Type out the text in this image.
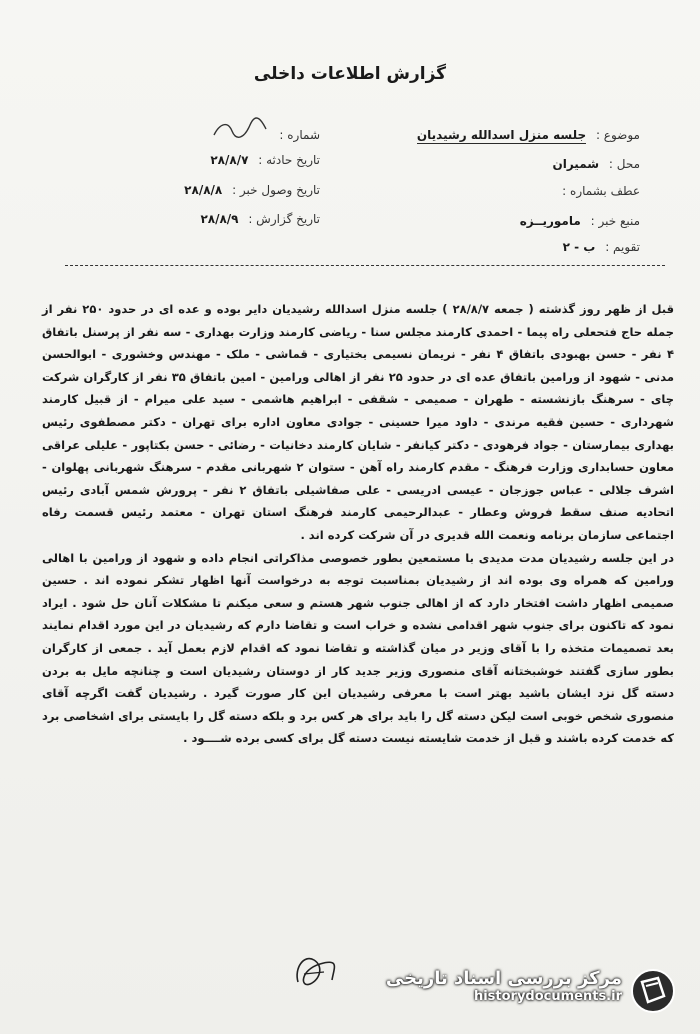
گزارش اطلاعات داخلی
موضوع : جلسه منزل اسدالله رشیدیان
محل : شمیران
عطف بشماره :
منبع خبر : ماموریــزه
تقویم : ب - ۲
شماره :
تاریخ حادثه : ۲۸/۸/۷
تاریخ وصول خبر : ۲۸/۸/۸
تاریخ گزارش : ۲۸/۸/۹

قبل از ظهر روز گذشته ( جمعه ۲۸/۸/۷ ) جلسه منزل اسدالله رشیدیان دایر بوده و عده ای در حدود ۲۵۰ نفر از جمله حاج فتحعلی راه پیما - احمدی کارمند مجلس سنا - ریاضی کارمند وزارت بهداری - سه نفر از پرسنل باتفاق ۴ نفر - حسن بهبودی باتفاق ۴ نفر - نریمان نسیمی بختیاری - قماشی - ملک - مهندس وخشوری - ابوالحسن مدنی - شهود از ورامین باتفاق عده ای در حدود ۲۵ نفر از اهالی ورامین - امین باتفاق ۳۵ نفر از کارگران شرکت چای - سرهنگ بازنشسته - طهران - صمیمی - شقفی - ابراهیم هاشمی - سید علی میرام - از قبیل کارمند شهرداری - حسین فقیه مرندی - داود میرا حسینی - جوادی معاون اداره برای تهران - دکتر مصطفوی رئیس بهداری بیمارستان - جواد فرهودی - دکتر کیانفر - شایان کارمند دخانیات - رضائی - حسن بکتاپور - علیلی عراقی معاون حسابداری وزارت فرهنگ - مقدم کارمند راه آهن - ستوان ۲ شهربانی مقدم - سرهنگ شهربانی پهلوان - اشرف جلالی - عباس جوزجان - عیسی ادریسی - علی صفاشیلی باتفاق ۲ نفر - پرورش شمس آبادی رئیس اتحادیه صنف سقط فروش وعطار - عبدالرحیمی کارمند فرهنگ استان تهران - معتمد رئیس قسمت رفاه اجتماعی سازمان برنامه ونعمت الله قدیری در آن شرکت کرده اند .

در این جلسه رشیدیان مدت مدیدی با مستمعین بطور خصوصی مذاکراتی انجام داده و شهود از ورامین با اهالی ورامین که همراه وی بوده اند از رشیدیان بمناسبت توجه به درخواست آنها اظهار تشکر نموده اند . حسین صمیمی اظهار داشت افتخار دارد که از اهالی جنوب شهر هستم و سعی میکنم تا مشکلات آنان حل شود . ایراد نمود که تاکنون برای جنوب شهر اقدامی نشده و خراب است و تقاضا دارم که رشیدیان در این مورد اقدام نمایند بعد تصمیمات متخذه را با آقای وزیر در میان گذاشته و تقاضا نمود که اقدام لازم بعمل آید . جمعی از کارگران بطور سازی گفتند خوشبختانه آقای منصوری وزیر جدید کار از دوستان رشیدیان است و چنانچه مایل به بردن دسته گل نزد ایشان باشید بهتر است با معرفی رشیدیان این کار صورت گیرد . رشیدیان گفت اگرچه آقای منصوری شخص خوبی است لیکن دسته گل را باید برای هر کس برد و بلکه دسته گل را بایستی برای اشخاصی برد که خدمت کرده باشند و قبل از خدمت شایسته نیست دسته گل برای کسی برده شــــود .

مرکز بررسی اسناد تاریخی
historydocuments.ir
